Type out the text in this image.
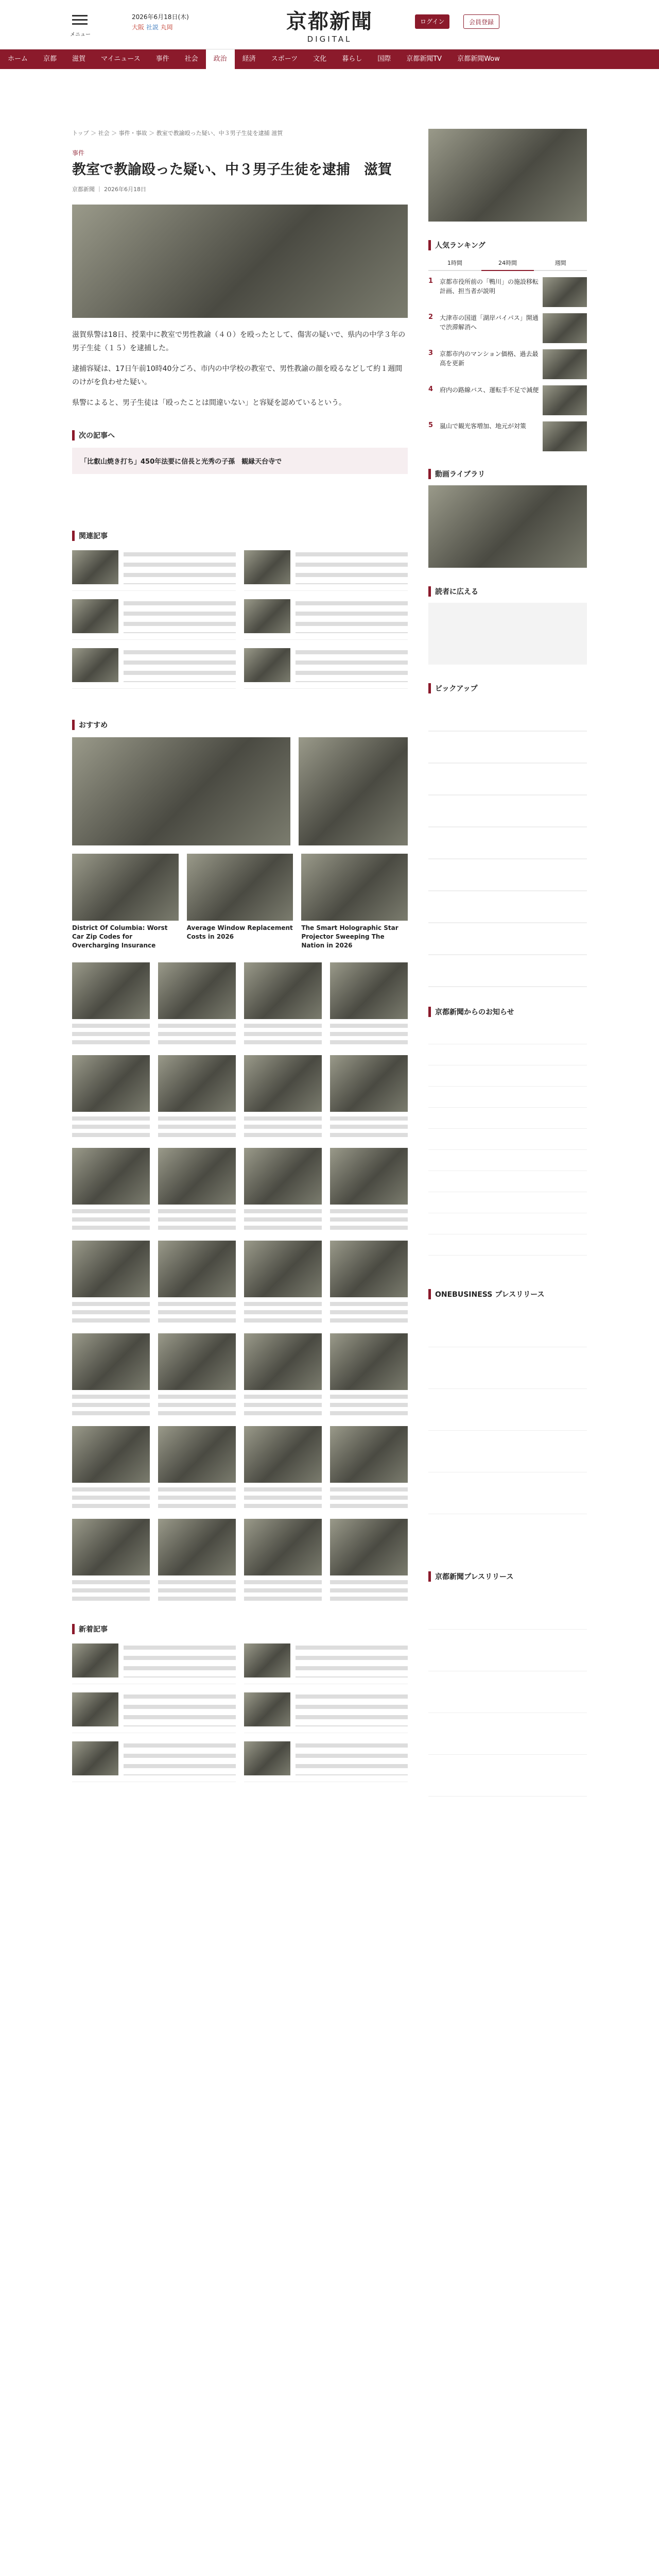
メニュー
2026年6月18日(木)
大阪 社説 丸岡	京都新聞
DIGITAL
ログイン	会員登録
ホーム	京都	滋賀	マイニュース	事件	社会	政治	経済	スポーツ	文化	暮らし	国際	京都新聞TV	京都新聞Wow
トップ ＞ 社会 ＞ 事件・事故 ＞ 教室で教諭殴った疑い、中３男子生徒を逮捕 滋賀
事件
教室で教諭殴った疑い、中３男子生徒を逮捕　滋賀
京都新聞 ｜ 2026年6月18日

滋賀県警は18日、授業中に教室で男性教諭（４０）を殴ったとして、傷害の疑いで、県内の中学３年の男子生徒（１５）を逮捕した。

逮捕容疑は、17日午前10時40分ごろ、市内の中学校の教室で、男性教諭の顔を殴るなどして約１週間のけがを負わせた疑い。

県警によると、男子生徒は「殴ったことは間違いない」と容疑を認めているという。

次の記事へ
「比叡山焼き打ち」450年法要に信長と光秀の子孫　観縁天台寺で
関連記事
おすすめ
District Of Columbia: Worst Car Zip Codes for Overcharging Insurance
Average Window Replacement Costs in 2026
The Smart Holographic Star Projector Sweeping The Nation in 2026
新着記事
人気ランキング
1時間	24時間	週間
1	京都市役所前の「鴨川」の施設移転計画、担当者が説明
2	大津市の国道「湖岸バイパス」開通で渋滞解消へ
3	京都市内のマンション価格、過去最高を更新
4	府内の路線バス、運転手不足で減便
5	嵐山で観光客増加、地元が対策
動画ライブラリ
読者に広える
ビックアップ
京都新聞からのお知らせ
ONEBUSINESS プレスリリース
京都新聞プレスリリース
